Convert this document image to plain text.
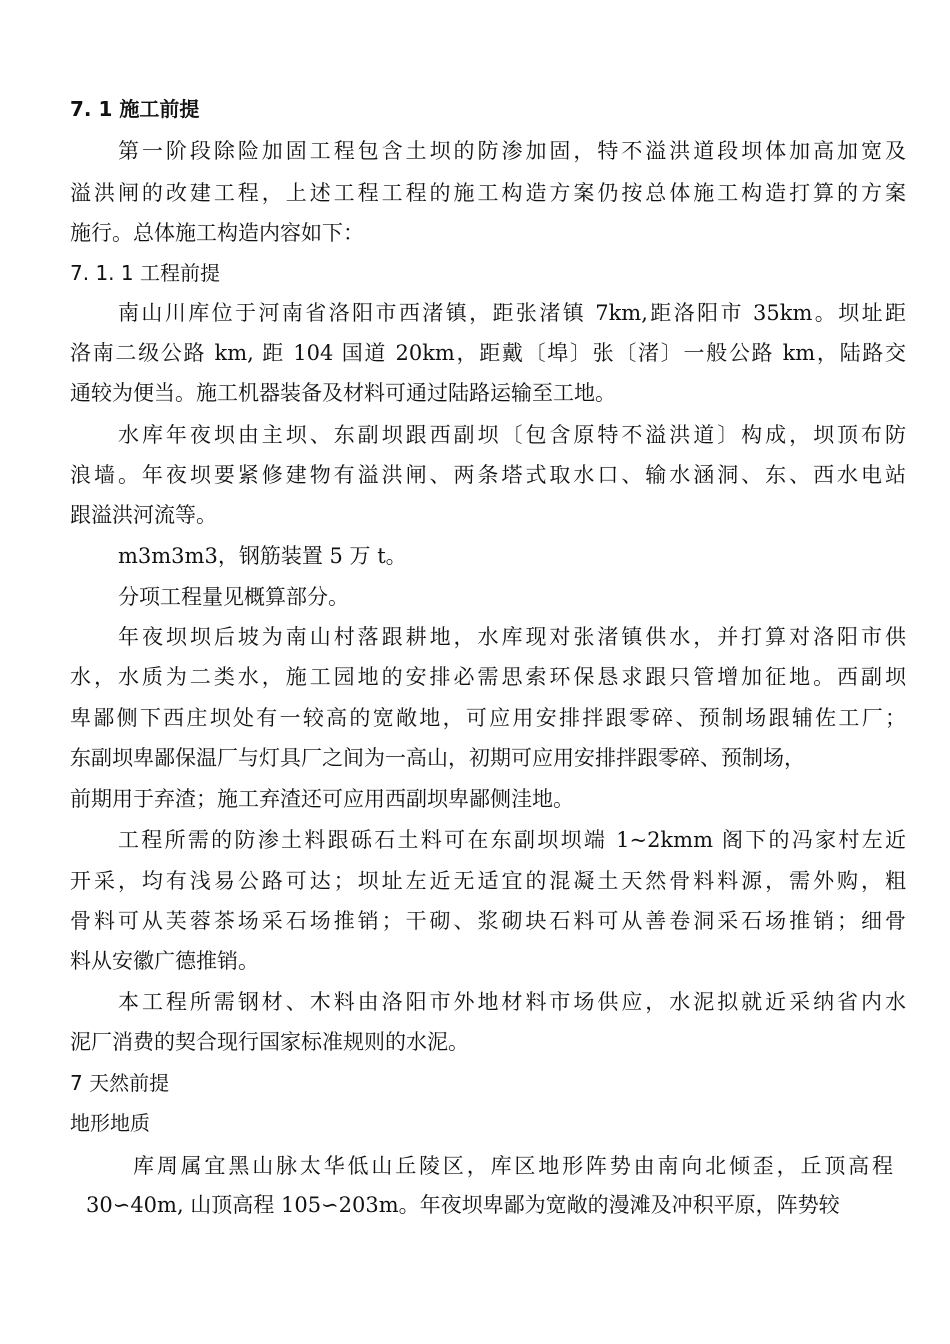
7. 1 施工前提
第一阶段除险加固工程包含土坝的防渗加固，特不溢洪道段坝体加高加宽及
溢洪闸的改建工程，上述工程工程的施工构造方案仍按总体施工构造打算的方案
施行。总体施工构造内容如下：
7. 1. 1 工程前提
南山川库位于河南省洛阳市西渚镇，距张渚镇 7km,距洛阳市 35km。坝址距
洛南二级公路 km, 距 104 国道 20km，距戴〔埠〕张〔渚〕一般公路 km，陆路交
通较为便当。施工机器装备及材料可通过陆路运输至工地。
水库年夜坝由主坝、东副坝跟西副坝〔包含原特不溢洪道〕构成，坝顶布防
浪墙。年夜坝要紧修建物有溢洪闸、两条塔式取水口、输水涵洞、东、西水电站
跟溢洪河流等。
m3m3m3，钢筋装置 5 万 t。
分项工程量见概算部分。
年夜坝坝后坡为南山村落跟耕地，水库现对张渚镇供水，并打算对洛阳市供
水，水质为二类水，施工园地的安排必需思索环保恳求跟只管增加征地。西副坝
卑鄙侧下西庄坝处有一较高的宽敞地，可应用安排拌跟零碎、预制场跟辅佐工厂；
东副坝卑鄙保温厂与灯具厂之间为一高山，初期可应用安排拌跟零碎、预制场，
前期用于弃渣；施工弃渣还可应用西副坝卑鄙侧洼地。
工程所需的防渗土料跟砾石土料可在东副坝坝端 1~2kmm 阁下的冯家村左近
开采，均有浅易公路可达；坝址左近无适宜的混凝土天然骨料料源，需外购，粗
骨料可从芙蓉茶场采石场推销；干砌、浆砌块石料可从善卷洞采石场推销；细骨
料从安徽广德推销。
本工程所需钢材、木料由洛阳市外地材料市场供应，水泥拟就近采纳省内水
泥厂消费的契合现行国家标准规则的水泥。
7 天然前提
地形地质
库周属宜黑山脉太华低山丘陵区，库区地形阵势由南向北倾歪，丘顶高程
30∽40m, 山顶高程 105∽203m。年夜坝卑鄙为宽敞的漫滩及冲积平原，阵势较
